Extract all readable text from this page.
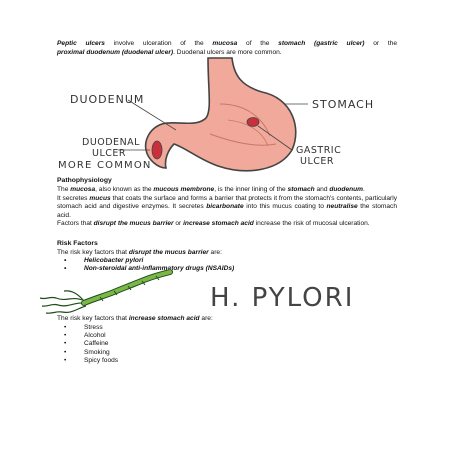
Peptic ulcers involve ulceration of the mucosa of the stomach (gastric ulcer) or the

proximal duodenum (duodenal ulcer). Duodenal ulcers are more common.

DUODENUM	STOMACH
DUODENAL
ULCER
MORE COMMON
GASTRIC
ULCER

Pathophysiology

The mucosa, also known as the mucous membrone, is the inner lining of the stomach and duodenum.

It secretes mucus that coats the surface and forms a barrier that protects it from the stomach's contents, particularly stomach acid and digestive enzymes. It secretes bicarbonate into this mucus coating to neutralise the stomach acid.

Factors that disrupt the mucus barrier or increase stomach acid increase the risk of mucosal ulceration.

Risk Factors

The risk key factors that disrupt the mucus barrier are:

• Helicobacter pylori
• Non-steroidal anti-inflammatory drugs (NSAIDs)
H. PYLORI

The risk key factors that increase stomach acid are:

• Stress
• Alcohol
• Caffeine
• Smoking
• Spicy foods
